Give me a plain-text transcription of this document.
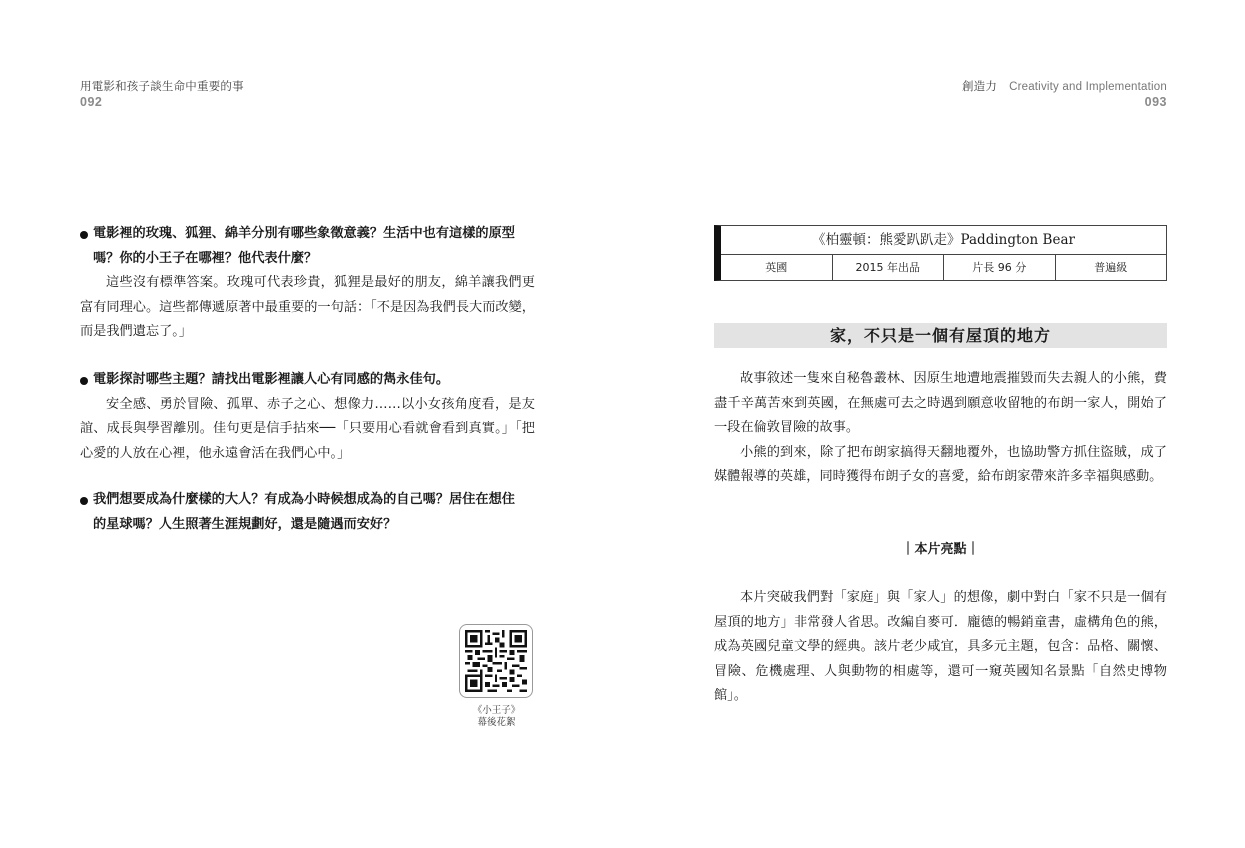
用電影和孩子談生命中重要的事
092
電影裡的玫瑰、狐狸、綿羊分別有哪些象徵意義？生活中也有這樣的原型
嗎？你的小王子在哪裡？他代表什麼？
這些沒有標準答案。玫瑰可代表珍貴，狐狸是最好的朋友，綿羊讓我們更富有同理心。這些都傳遞原著中最重要的一句話：「不是因為我們長大而改變，而是我們遺忘了。」
電影探討哪些主題？請找出電影裡讓人心有同感的雋永佳句。
安全感、勇於冒險、孤單、赤子之心、想像力……以小女孩角度看，是友誼、成長與學習離別。佳句更是信手拈來──「只要用心看就會看到真實。」「把心愛的人放在心裡，他永遠會活在我們心中。」
我們想要成為什麼樣的大人？有成為小時候想成為的自己嗎？居住在想住
的星球嗎？人生照著生涯規劃好，還是隨遇而安好？
《小王子》
幕後花絮
創造力 Creativity and Implementation
093
《柏靈頓：熊愛趴趴走》Paddington Bear
英國	2015 年出品	片長 96 分	普遍級
家，不只是一個有屋頂的地方
故事敘述一隻來自秘魯叢林、因原生地遭地震摧毀而失去親人的小熊，費盡千辛萬苦來到英國，在無處可去之時遇到願意收留牠的布朗一家人，開始了一段在倫敦冒險的故事。
小熊的到來，除了把布朗家搞得天翻地覆外，也協助警方抓住盜賊，成了媒體報導的英雄，同時獲得布朗子女的喜愛，給布朗家帶來許多幸福與感動。
｜本片亮點｜
本片突破我們對「家庭」與「家人」的想像，劇中對白「家不只是一個有屋頂的地方」非常發人省思。改編自麥可．龐德的暢銷童書，虛構角色的熊，成為英國兒童文學的經典。該片老少咸宜，具多元主題，包含：品格、關懷、冒險、危機處理、人與動物的相處等，還可一窺英國知名景點「自然史博物館」。
